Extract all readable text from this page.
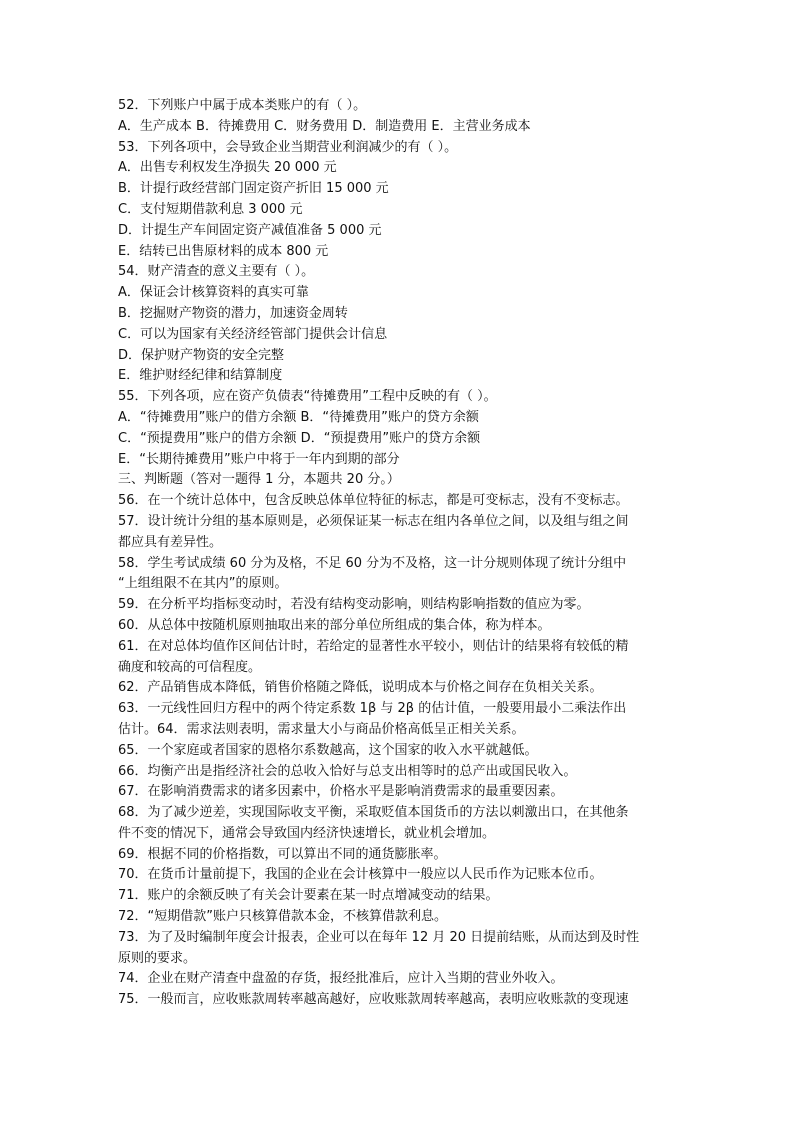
52．下列账户中属于成本类账户的有（ ）。
A．生产成本 B．待摊费用 C．财务费用 D．制造费用 E．主营业务成本
53．下列各项中，会导致企业当期营业利润减少的有（ ）。
A．出售专利权发生净损失 20 000 元
B．计提行政经营部门固定资产折旧 15 000 元
C．支付短期借款利息 3 000 元
D．计提生产车间固定资产减值准备 5 000 元
E．结转已出售原材料的成本 800 元
54．财产清查的意义主要有（ ）。
A．保证会计核算资料的真实可靠
B．挖掘财产物资的潜力，加速资金周转
C．可以为国家有关经济经管部门提供会计信息
D．保护财产物资的安全完整
E．维护财经纪律和结算制度
55．下列各项，应在资产负债表“待摊费用”工程中反映的有（ ）。
A．“待摊费用”账户的借方余额 B．“待摊费用”账户的贷方余额
C．“预提费用”账户的借方余额 D．“预提费用”账户的贷方余额
E．“长期待摊费用”账户中将于一年内到期的部分
三、判断题（答对一题得 1 分，本题共 20 分。）
56．在一个统计总体中，包含反映总体单位特征的标志，都是可变标志，没有不变标志。
57．设计统计分组的基本原则是，必须保证某一标志在组内各单位之间，以及组与组之间
都应具有差异性。
58．学生考试成绩 60 分为及格，不足 60 分为不及格，这一计分规则体现了统计分组中
“上组组限不在其内”的原则。
59．在分析平均指标变动时，若没有结构变动影响，则结构影响指数的值应为零。
60．从总体中按随机原则抽取出来的部分单位所组成的集合体，称为样本。
61．在对总体均值作区间估计时，若给定的显著性水平较小，则估计的结果将有较低的精
确度和较高的可信程度。
62．产品销售成本降低，销售价格随之降低，说明成本与价格之间存在负相关关系。
63．一元线性回归方程中的两个待定系数 1β 与 2β 的估计值，一般要用最小二乘法作出
估计。64．需求法则表明，需求量大小与商品价格高低呈正相关关系。
65．一个家庭或者国家的恩格尔系数越高，这个国家的收入水平就越低。
66．均衡产出是指经济社会的总收入恰好与总支出相等时的总产出或国民收入。
67．在影响消费需求的诸多因素中，价格水平是影响消费需求的最重要因素。
68．为了减少逆差，实现国际收支平衡，采取贬值本国货币的方法以刺激出口，在其他条
件不变的情况下，通常会导致国内经济快速增长，就业机会增加。
69．根据不同的价格指数，可以算出不同的通货膨胀率。
70．在货币计量前提下，我国的企业在会计核算中一般应以人民币作为记账本位币。
71．账户的余额反映了有关会计要素在某一时点增减变动的结果。
72．“短期借款”账户只核算借款本金，不核算借款利息。
73．为了及时编制年度会计报表，企业可以在每年 12 月 20 日提前结账，从而达到及时性
原则的要求。
74．企业在财产清查中盘盈的存货，报经批准后，应计入当期的营业外收入。
75．一般而言，应收账款周转率越高越好，应收账款周转率越高，表明应收账款的变现速
